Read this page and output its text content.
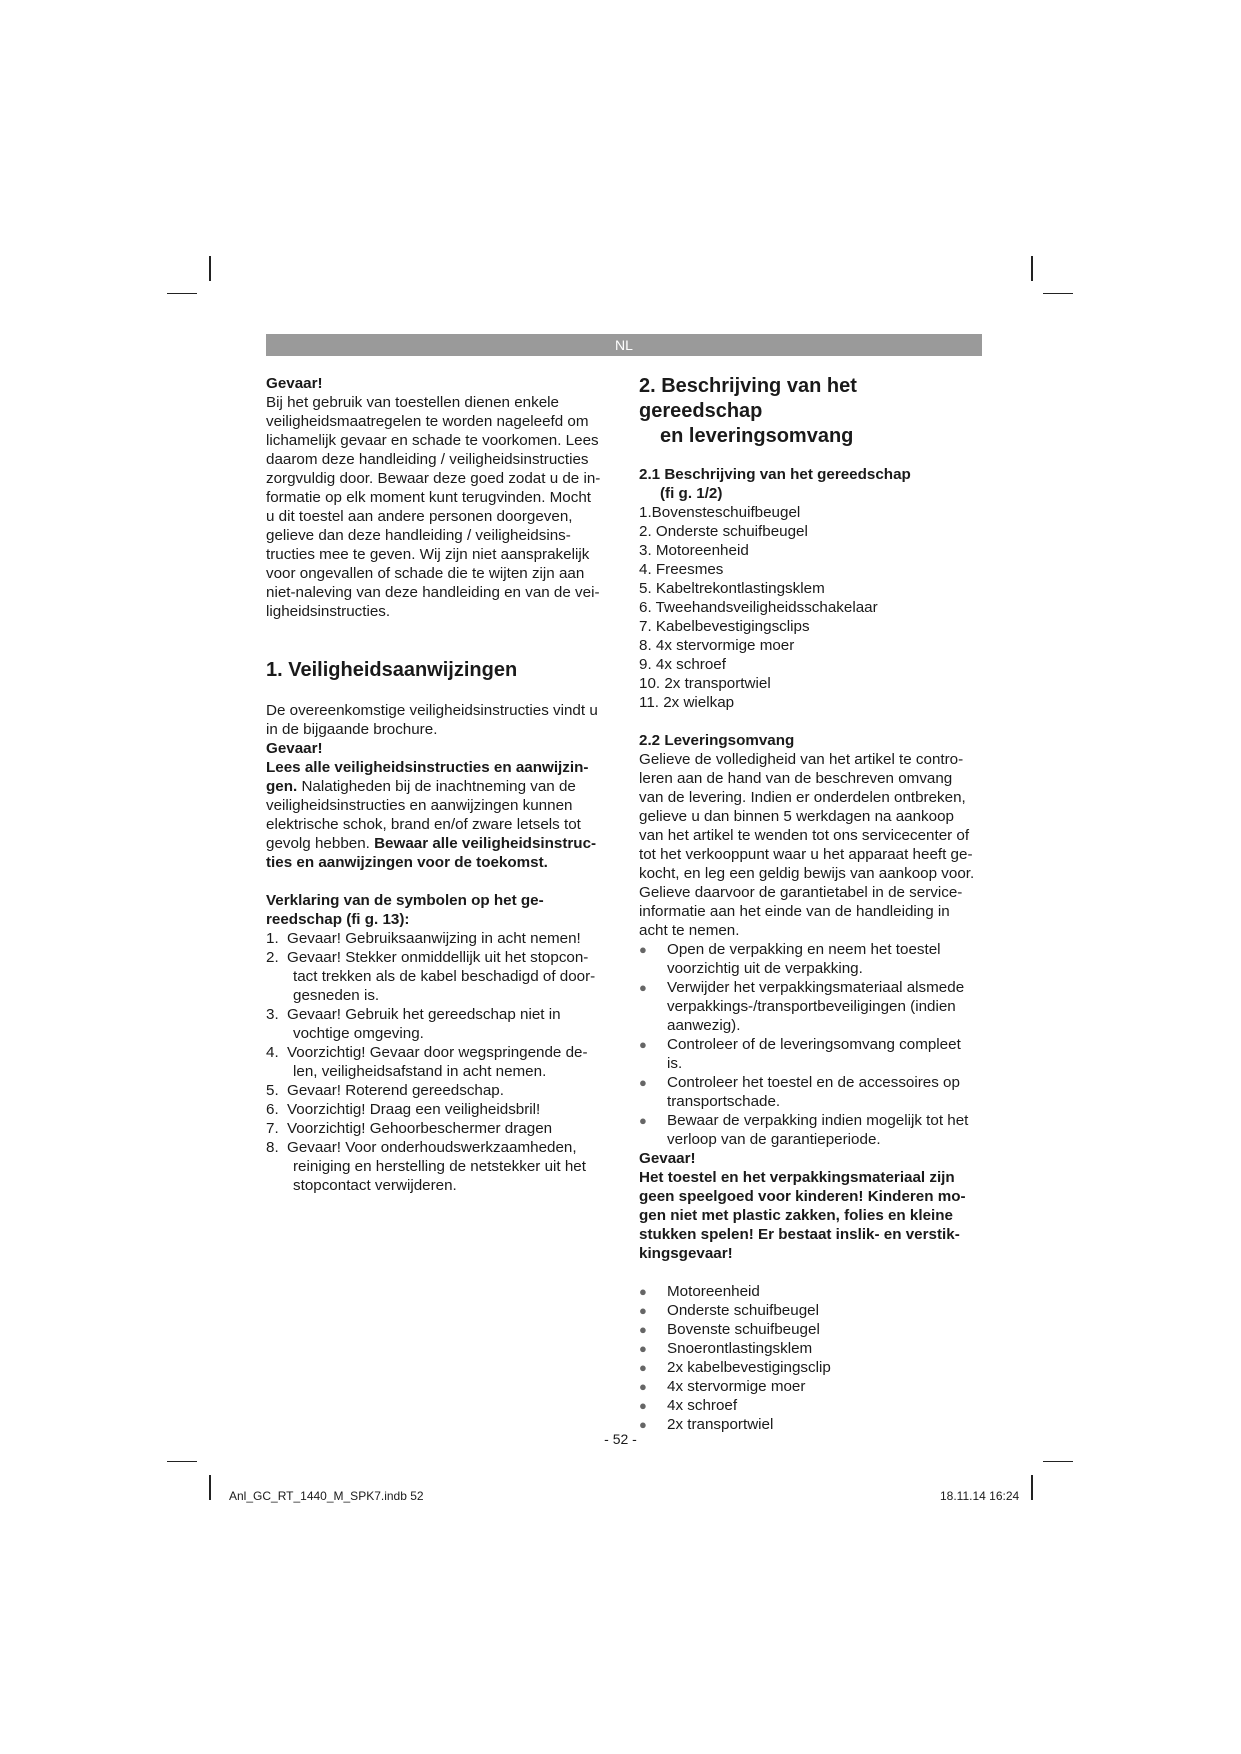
NL

Gevaar!

Bij het gebruik van toestellen dienen enkele

veiligheidsmaatregelen te worden nageleefd om

lichamelijk gevaar en schade te voorkomen. Lees

daarom deze handleiding / veiligheidsinstructies

zorgvuldig door. Bewaar deze goed zodat u de in-

formatie op elk moment kunt terugvinden. Mocht

u dit toestel aan andere personen doorgeven,

gelieve dan deze handleiding / veiligheidsins-

tructies mee te geven. Wij zijn niet aansprakelijk

voor ongevallen of schade die te wijten zijn aan

niet-naleving van deze handleiding en van de vei-

ligheidsinstructies.

1. Veiligheidsaanwijzingen

De overeenkomstige veiligheidsinstructies vindt u

in de bijgaande brochure.

Gevaar!

Lees alle veiligheidsinstructies en aanwijzin-

gen. Nalatigheden bij de inachtneming van de

veiligheidsinstructies en aanwijzingen kunnen

elektrische schok, brand en/of zware letsels tot

gevolg hebben. Bewaar alle veiligheidsinstruc-

ties en aanwijzingen voor de toekomst.

Verklaring van de symbolen op het ge-

reedschap (fi g. 13):

1. Gevaar! Gebruiksaanwijzing in acht nemen!
2. Gevaar! Stekker onmiddellijk uit het stopcon-
tact trekken als de kabel beschadigd of door-
gesneden is.
3. Gevaar! Gebruik het gereedschap niet in
vochtige omgeving.
4. Voorzichtig! Gevaar door wegspringende de-
len, veiligheidsafstand in acht nemen.
5. Gevaar! Roterend gereedschap.
6. Voorzichtig! Draag een veiligheidsbril!
7. Voorzichtig! Gehoorbeschermer dragen
8. Gevaar! Voor onderhoudswerkzaamheden,
reiniging en herstelling de netstekker uit het
stopcontact verwijderen.

2. Beschrijving van het gereedschap

en leveringsomvang

2.1 Beschrijving van het gereedschap

(fi g. 1/2)

1.Bovensteschuifbeugel

2. Onderste schuifbeugel

3. Motoreenheid

4. Freesmes

5. Kabeltrekontlastingsklem

6. Tweehandsveiligheidsschakelaar

7. Kabelbevestigingsclips

8. 4x stervormige moer

9. 4x schroef

10. 2x transportwiel

11. 2x wielkap

2.2 Leveringsomvang

Gelieve de volledigheid van het artikel te contro-

leren aan de hand van de beschreven omvang

van de levering. Indien er onderdelen ontbreken,

gelieve u dan binnen 5 werkdagen na aankoop

van het artikel te wenden tot ons servicecenter of

tot het verkooppunt waar u het apparaat heeft ge-

kocht, en leg een geldig bewijs van aankoop voor.

Gelieve daarvoor de garantietabel in de service-

informatie aan het einde van de handleiding in

acht te nemen.

● Open de verpakking en neem het toestel
voorzichtig uit de verpakking.
● Verwijder het verpakkingsmateriaal alsmede
verpakkings-/transportbeveiligingen (indien
aanwezig).
● Controleer of de leveringsomvang compleet
is.
● Controleer het toestel en de accessoires op
transportschade.
● Bewaar de verpakking indien mogelijk tot het
verloop van de garantieperiode.

Gevaar!

Het toestel en het verpakkingsmateriaal zijn

geen speelgoed voor kinderen! Kinderen mo-

gen niet met plastic zakken, folies en kleine

stukken spelen! Er bestaat inslik- en verstik-

kingsgevaar!

● Motoreenheid
● Onderste schuifbeugel
● Bovenste schuifbeugel
● Snoerontlastingsklem
● 2x kabelbevestigingsclip
● 4x stervormige moer
● 4x schroef
● 2x transportwiel
- 52 -
Anl_GC_RT_1440_M_SPK7.indb 52	18.11.14 16:24
